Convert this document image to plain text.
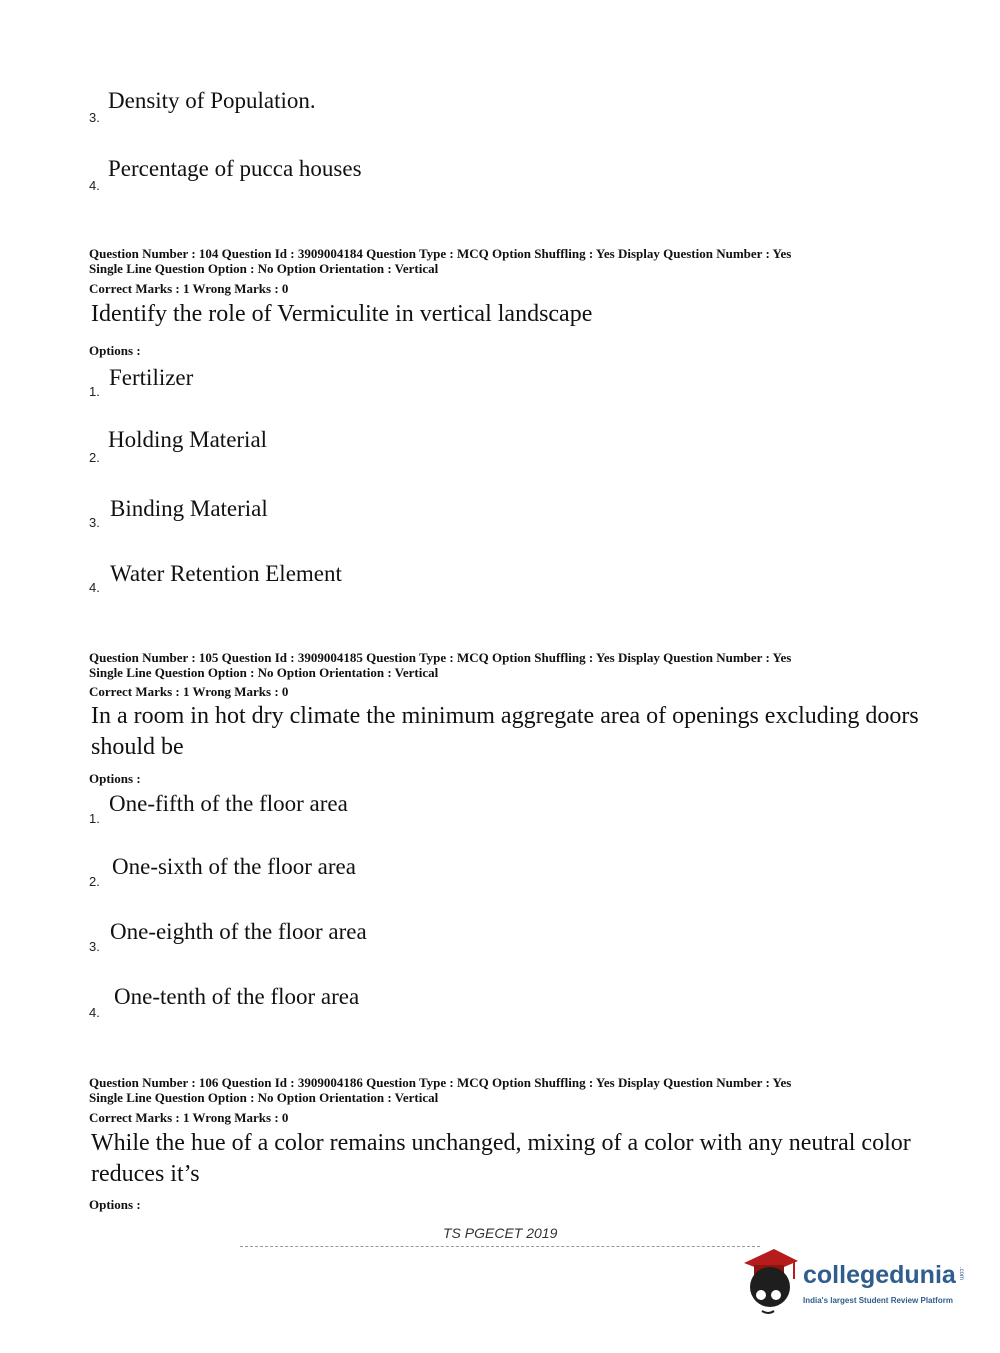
3.
Density of Population.
4.
Percentage of pucca houses
Question Number : 104 Question Id : 3909004184 Question Type : MCQ Option Shuffling : Yes Display Question Number : Yes
Single Line Question Option : No Option Orientation : Vertical
Correct Marks : 1 Wrong Marks : 0
Identify the role of Vermiculite in vertical landscape
Options :
1.
Fertilizer
2.
Holding Material
3.
Binding Material
4.
Water Retention Element
Question Number : 105 Question Id : 3909004185 Question Type : MCQ Option Shuffling : Yes Display Question Number : Yes
Single Line Question Option : No Option Orientation : Vertical
Correct Marks : 1 Wrong Marks : 0
In a room in hot dry climate the minimum aggregate area of openings excluding doors should be
Options :
1.
One-fifth of the floor area
2.
One-sixth of the floor area
3.
One-eighth of the floor area
4.
One-tenth of the floor area
Question Number : 106 Question Id : 3909004186 Question Type : MCQ Option Shuffling : Yes Display Question Number : Yes
Single Line Question Option : No Option Orientation : Vertical
Correct Marks : 1 Wrong Marks : 0
While the hue of a color remains unchanged, mixing of a color with any neutral color reduces it’s
Options :
TS PGECET 2019
collegedunia .com
India's largest Student Review Platform
